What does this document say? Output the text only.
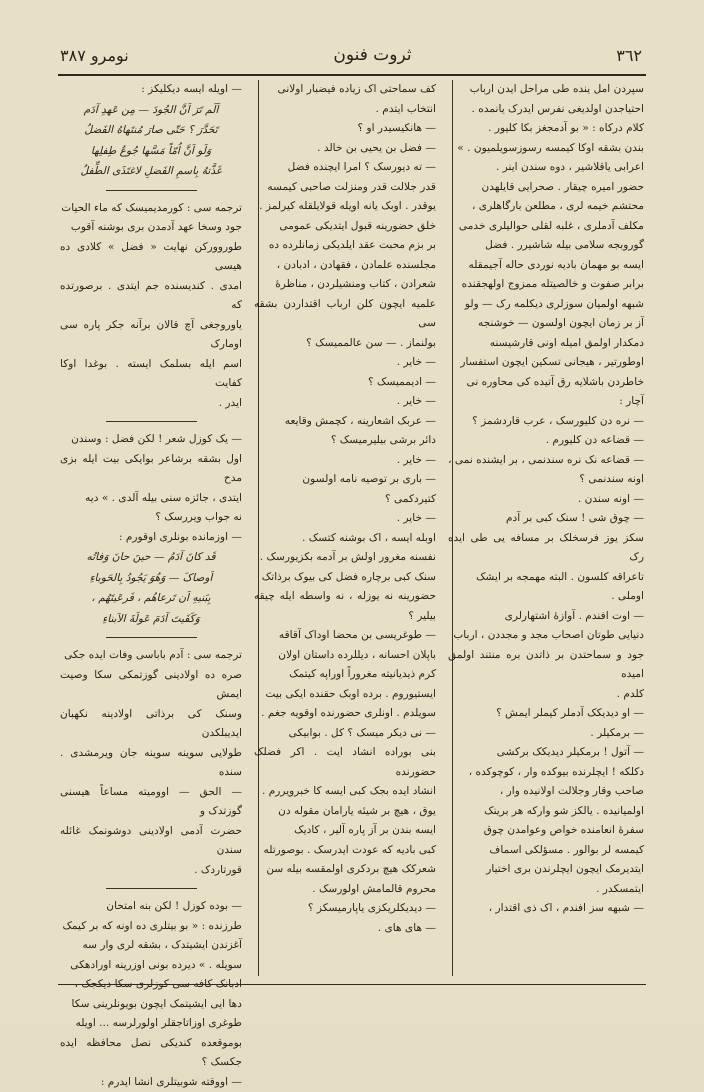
٣٦٢
ثروت فنون
نومرو ٣٨٧

سپردن امل ینده طی مراحل ایدن ارباب

احتیاجدن اولدیغی نفرس ایدرک یانمده .

کلام درکاه : « بو آدمجغز بکا کلیور .

بندن بشقه اوکا کیمسه رسوزسویلمیون . »

اعرابی یاقلاشیر ، دوه سندن اینر .

حضور امیره چیقار . صحرایی قایلهدن

محتشم خیمه لری ، مطلعن بارگاهلری ،

مکلف آدملری ، غلبه لقلی حوالیلری خدمی

گوروبجه سلامی بیله شاشیرر . فضل

ایسه بو مهمان بادیه نوردی حاله آجیمقله

برابر صفوت و خالصیتله ممزوج اولهجقنده

شبهه اولمیان سوزلری دیکلمه رک — ولو

آز بر زمان ایچون اولسون — خوشنجه

دمکدار اولمق امیله اونی قارشیسنه

اوطورتیر ، هیجانی تسکین ایچون استفسار

خاطردن باشلایه رق آتیده کی محاوره نی

آچار :

— نره دن کلیورسک ، عرب قاردشمز ؟

— قضاعه دن کلیورم .

— قضاعه نک نره سندنمی ، بر ایشنده نمی ،

اونه سندنمی ؟

— اونه سندن .

— چوق شی ! سنک کبی بر آدم

سکز یوز فرسخلک بر مسافه یی طی ایده رک

تاعراقه کلسون . البته مهمجه بر ایشک

اوملی .

— اوت افندم . آوازهٔ اشتهارلری

دنیایی طوتان اصحاب مجد و مجددن ، ارباب

جود و سماحتدن بر ذاتدن بره منتند اولمق امیده

کلدم .

— او دیدیکک آدملر کیملر ایمش ؟

— برمکیلر .

— آتول ! برمکیلر دیدیکک برکشی

دکلکه ! ایچلرنده بیوکده وار ، کوچوکده ،

صاحب وقار وجلالت اولانیده وار ،

اولمیانیده . یالکز شو وارکه هر برینک

سفرهٔ انعامنده خواص وعوامدن چوق

کیمسه لر بوالور . مسؤلکی اسماف

ایتدیرمک ایچون ایچلرندن بری اختیار

ایتمسکدر .

— شبهه سز افندم ، اک ذی اقتدار ،

کف سماحتی اک زیاده فیضبار اولانی

انتخاب ایتدم .

— هانکیسیدر او ؟

— فضل بن یحیی بن خالد .

— ته دیورسک ؟ امرا ایچنده فضل

قدر جلالت قدر ومنزلت صاحبی کیمسه

یوقدر . اوبک یانه اویله قولایلقله کیرلمز .

خلق حضورینه قبول ایتدیکی عمومی

بر بزم محبت عقد ایلدیکی زمانلرده ده

مجلسنده علمادن ، فقهادن ، ادبادن ،

شعرادن ، کتاب ومنشیلردن ، مناظرهٔ

علمیه ایچون کلن ارباب اقتداردن بشقه سی

بولنماز . — سن عالممیسک ؟

— خایر .

— ادیممیسک ؟

— خایر .

— عربک اشعارینه ، کچمش وقایعه

دائر برشی بیلیرمیسک ؟

— خایر .

— باری بر توصیه نامه اولسون

کتیردکمی ؟

— خایر .

اوبله ایسه ، اک بوشنه کتسک .

نفسنه مغرور اولش بر آدمه بکزیورسک .

سنک کبی برچاره فضل کی بیوک برذاتک

حضورینه نه یوزله ، نه واسطه ایله چیقه بیلیر ؟

— طوغریسی بن محضا اوداک آقاقه

باپلان احسانه ، دیللرده داستان اولان

کرم ذیدیانیته مغروراً اوراپه کیتمک

ایستیوروم . برده اوبک حقنده ایکی بیت

سویلدم . اونلری حضورنده اوقویه جغم .

— نی دیکر میسک ؟ کل . بوابیکی

بنی بوراده انشاد ایت . اکر فضلک حضورنده

انشاد ایده بجک کبی ایسه کا خبرویررم .

یوق ، هیچ بر شیئه یارامان مقوله دن

ایسه بندن بر آز پاره آلیر ، کادیک

کبی بادیه که عودت ایدرسک . بوصورتله

شعرکک هیچ بردکری اولمقسه بیله سن

محروم قالمامش اولورسک .

— دیدیکلریکزی یاپارمیسکز ؟

— های های .

— اویله ایسه دیکلیکز :

اَلَم تَرَ اَنَّ الجُودَ — مِن عَهدِ آدَم

تَحَدَّرَ ؟ حَتّی صارَ مُنتَهاهُ الفَضلُ

وَلَو اَنَّ اُمّاً مَسَّها جُوعُ طِفلِها

غَذَّتهُ بِاسمِ الفَضلِ لاغتَذَی الطِّفلُ

ترجمه سی : کورمدیمیسک که ماء الحیات

جود وسخا عهد آدمدن بری بوشنه آقوب

طوروورکن نهایت « فضل » کلادی ده هیسی

امدی . کندیسنده جم ایتدی . برصورتده که

یاوروجغی آچ قالان برآنه جکر پاره سی اومارک

اسم ایله بسلمک ایسته . بوغدا اوکا کفایت

ایدر .

— یک کوزل شعر ! لکن فضل : وسندن

اول بشقه برشاعر بوایکی بیت ایله بزی مدح

ایتدی ، جائزه سنی بیله آلدی . » دیه

نه جواب ویررسک ؟

— اوزمانده بونلری اوقورم :

قَد کانَ آدَمُ — حینَ حانَ وَفاتُه

اَوصاکَ — وَهُوَ یَجُودُ بِالحَوباءِ

بِبَنیهِ اَن تَرعاهُم ، فَرعَیتَهُم ،

وَکَفَیتَ آدَمَ عَولَةَ الاَبناءِ

ترجمه سی : آدم باباسی وفات ایده جکی

صره ده اولادینی گوزتمکی سکا وصیت ایمش

وسنک کی برذاتی اولادینه نکهبان ایدیبلکدن

طولایی سوینه سوینه جان ویرمشدی . سنده

— الحق — اوومیته مساعاً هیسنی گوزتدک و

حضرت آدمی اولادینی دوشونمک غائله سندن

قورتاردک .

— بوده کوزل ! لکن بنه امتحان

طرزنده : « بو بیتلری ده اونه که بر کیمک

آغزندن ایشیتدک ، بشقه لری وار سه

سویله . » دیرده بونی اوزرینه اورادهکی

ادبانک کافه سی کوزلری سکا دیکجک ،

دها ایی ایشیتمک ایچون بویونلرینی سکا

طوغری اوزاتاجقلر اولورلرسه ... اویله

بوموقعده کندیکی نصل محافظه ایده جکسک ؟

— اووقته شوبیتلری انشا ایدرم :
